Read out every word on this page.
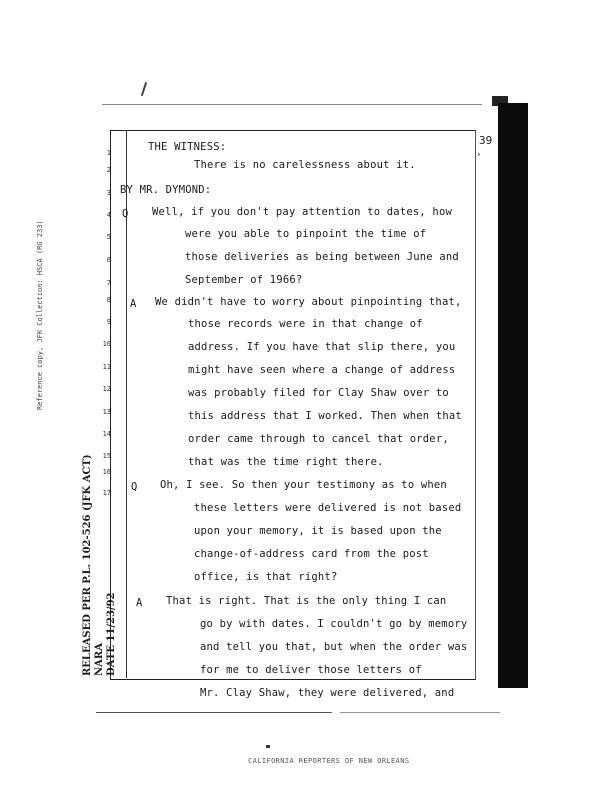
39
›
1
2
3
4
5
6
7
8
9
10
11
12
13
14
15
16
17
THE WITNESS:
There is no carelessness about it.
BY MR. DYMOND:
Q Well, if you don't pay attention to dates, how
were you able to pinpoint the time of
those deliveries as being between June and
September of 1966?
A We didn't have to worry about pinpointing that,
those records were in that change of
address. If you have that slip there, you
might have seen where a change of address
was probably filed for Clay Shaw over to
this address that I worked. Then when that
order came through to cancel that order,
that was the time right there.
Q Oh, I see. So then your testimony as to when
these letters were delivered is not based
upon your memory, it is based upon the
change-of-address card from the post
office, is that right?
A That is right. That is the only thing I can
go by with dates. I couldn't go by memory
and tell you that, but when the order was
for me to deliver those letters of
Mr. Clay Shaw, they were delivered, and
Reference copy, JFK Collection: HSCA (RG 233)
RELEASED PER P.L. 102-526 (JFK ACT) NARA DATE 11/23/92
CALIFORNIA REPORTERS OF NEW ORLEANS
